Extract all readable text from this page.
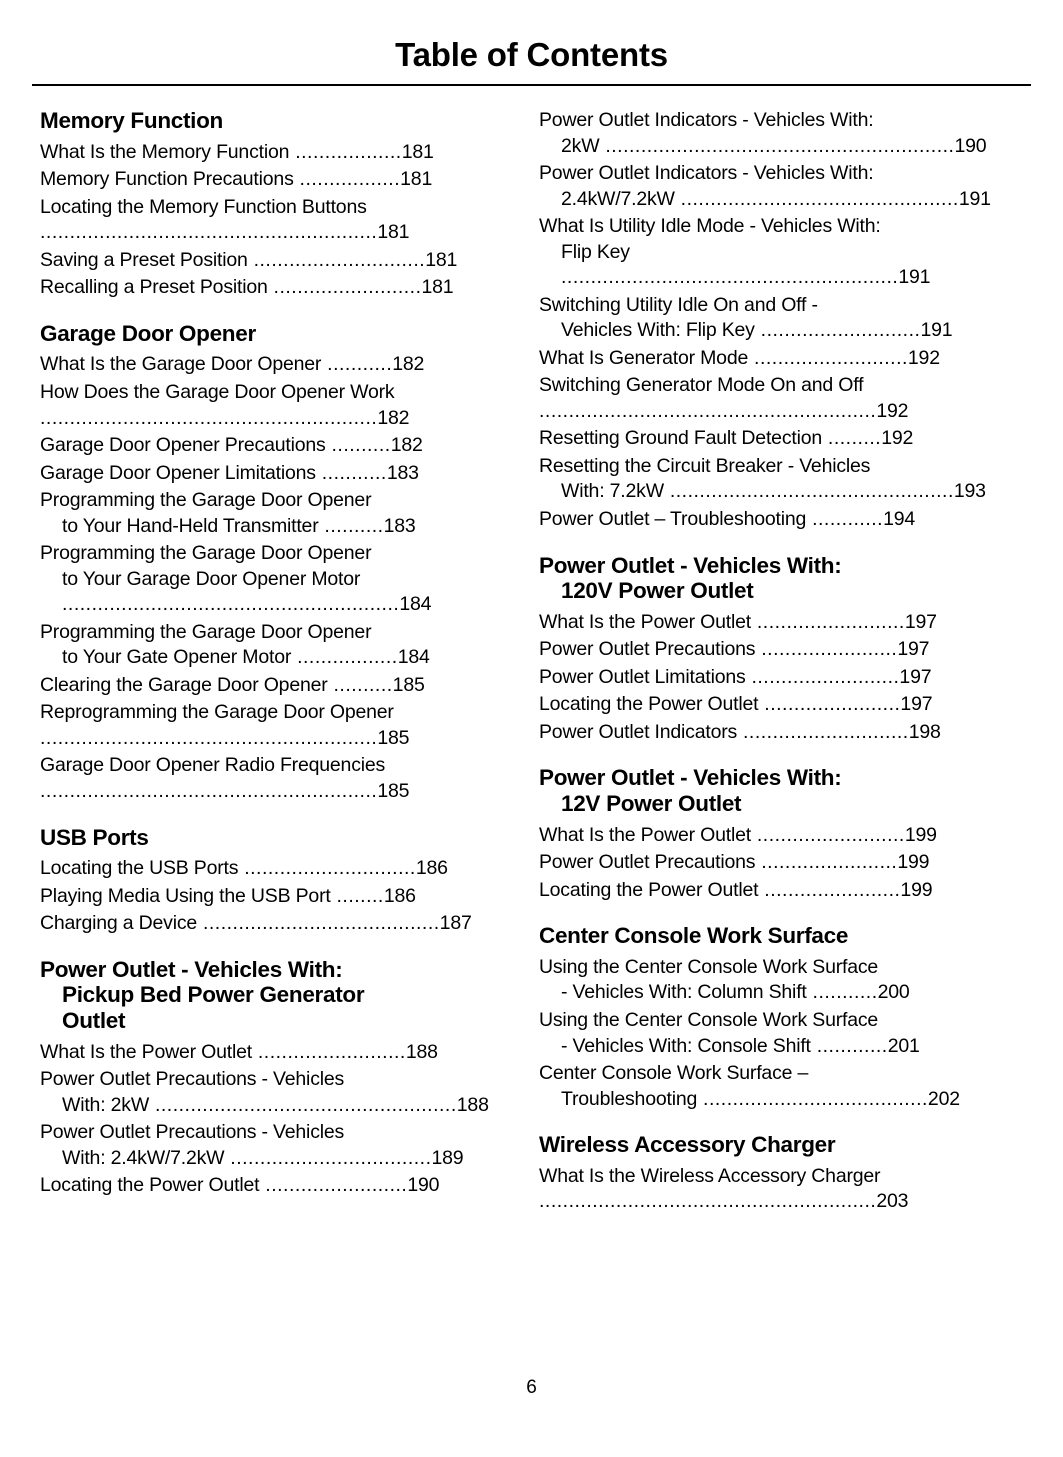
Table of Contents
Memory Function
What Is the Memory Function ..................181
Memory Function Precautions .................181
Locating the Memory Function Buttons
.........................................................181
Saving a Preset Position .............................181
Recalling a Preset Position .........................181
Garage Door Opener
What Is the Garage Door Opener ...........182
How Does the Garage Door Opener Work
.........................................................182
Garage Door Opener Precautions ..........182
Garage Door Opener Limitations ...........183
Programming the Garage Door Opener
to Your Hand-Held Transmitter ..........183
Programming the Garage Door Opener
to Your Garage Door Opener Motor .........................................................184
Programming the Garage Door Opener
to Your Gate Opener Motor .................184
Clearing the Garage Door Opener ..........185
Reprogramming the Garage Door Opener
.........................................................185
Garage Door Opener Radio Frequencies
.........................................................185
USB Ports
Locating the USB Ports .............................186
Playing Media Using the USB Port ........186
Charging a Device ........................................187
Power Outlet - Vehicles With:
Pickup Bed Power Generator
Outlet
What Is the Power Outlet .........................188
Power Outlet Precautions - Vehicles
With: 2kW ...................................................188
Power Outlet Precautions - Vehicles
With: 2.4kW/7.2kW ..................................189
Locating the Power Outlet ........................190
Power Outlet Indicators - Vehicles With:
2kW ...........................................................190
Power Outlet Indicators - Vehicles With:
2.4kW/7.2kW ...............................................191
What Is Utility Idle Mode - Vehicles With:
Flip Key .........................................................191
Switching Utility Idle On and Off -
Vehicles With: Flip Key ...........................191
What Is Generator Mode ..........................192
Switching Generator Mode On and Off
.........................................................192
Resetting Ground Fault Detection .........192
Resetting the Circuit Breaker - Vehicles
With: 7.2kW ................................................193
Power Outlet – Troubleshooting ............194
Power Outlet - Vehicles With:
120V Power Outlet
What Is the Power Outlet .........................197
Power Outlet Precautions .......................197
Power Outlet Limitations .........................197
Locating the Power Outlet .......................197
Power Outlet Indicators ............................198
Power Outlet - Vehicles With:
12V Power Outlet
What Is the Power Outlet .........................199
Power Outlet Precautions .......................199
Locating the Power Outlet .......................199
Center Console Work Surface
Using the Center Console Work Surface
- Vehicles With: Column Shift ...........200
Using the Center Console Work Surface
- Vehicles With: Console Shift ............201
Center Console Work Surface –
Troubleshooting ......................................202
Wireless Accessory Charger
What Is the Wireless Accessory Charger
.........................................................203
6
